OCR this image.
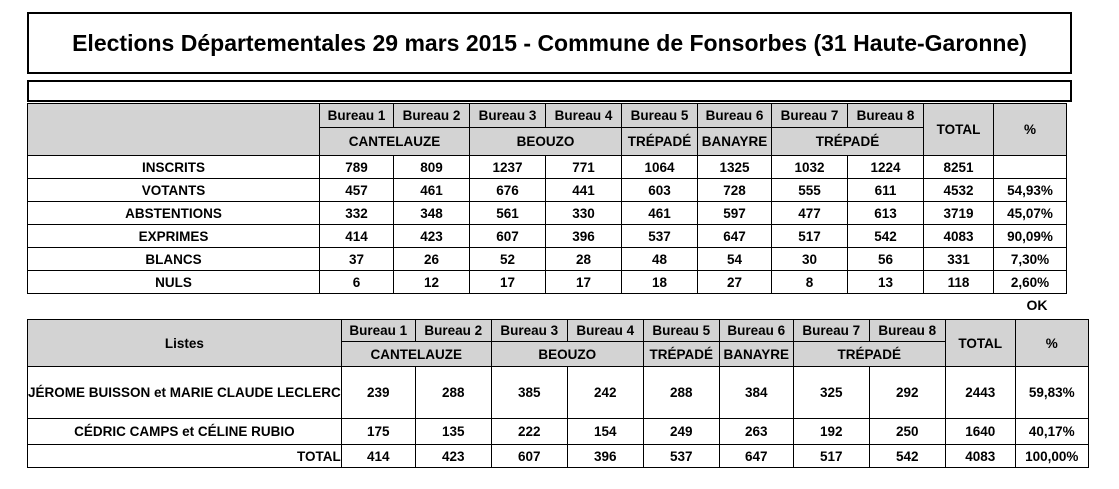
Elections Départementales 29 mars 2015 - Commune de Fonsorbes (31 Haute-Garonne)
	Bureau 1	Bureau 2	Bureau 3	Bureau 4	Bureau 5	Bureau 6	Bureau 7	Bureau 8	TOTAL	%
	CANTELAUZE		BEOUZO		TRÉPADÉ	BANAYRE	TRÉPADÉ			
INSCRITS	789	809	1237	771	1064	1325	1032	1224	8251	
VOTANTS	457	461	676	441	603	728	555	611	4532	54,93%
ABSTENTIONS	332	348	561	330	461	597	477	613	3719	45,07%
EXPRIMES	414	423	607	396	537	647	517	542	4083	90,09%
BLANCS	37	26	52	28	48	54	30	56	331	7,30%
NULS	6	12	17	17	18	27	8	13	118	2,60%
OK
Listes	Bureau 1	Bureau 2	Bureau 3	Bureau 4	Bureau 5	Bureau 6	Bureau 7	Bureau 8	TOTAL	%
	CANTELAUZE		BEOUZO		TRÉPADÉ	BANAYRE	TRÉPADÉ			
JÉROME BUISSON et MARIE CLAUDE LECLERC	239	288	385	242	288	384	325	292	2443	59,83%
CÉDRIC CAMPS et CÉLINE RUBIO	175	135	222	154	249	263	192	250	1640	40,17%
TOTAL	414	423	607	396	537	647	517	542	4083	100,00%
